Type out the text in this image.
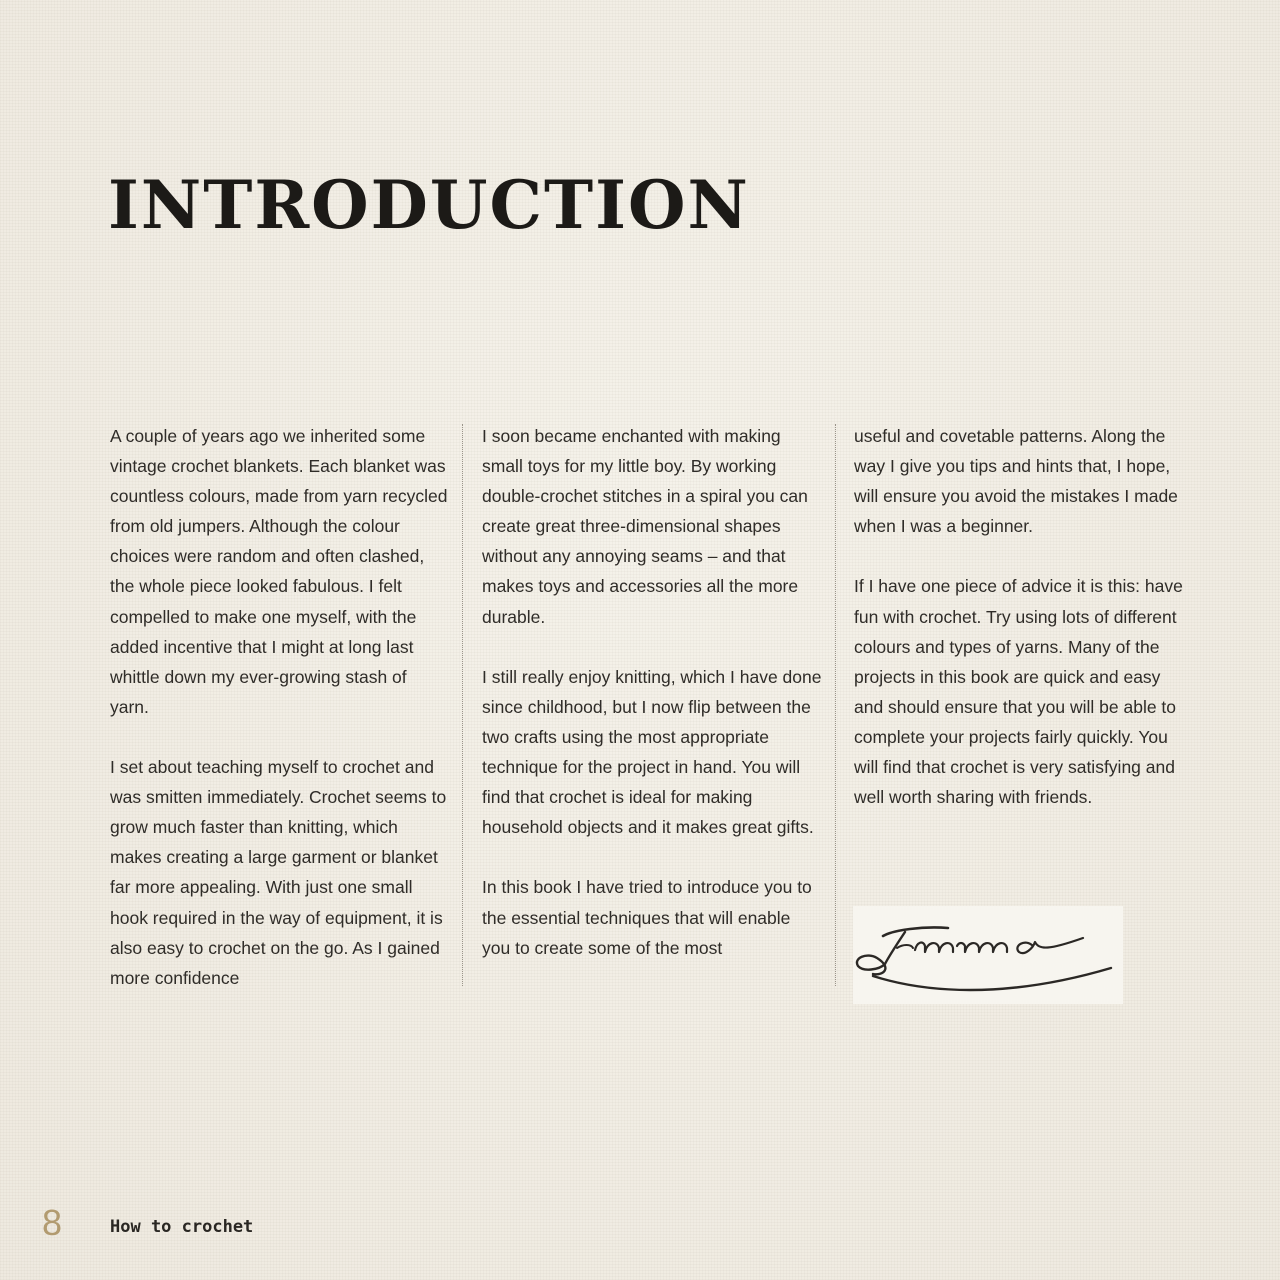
INTRODUCTION

A couple of years ago we inherited some vintage crochet blankets. Each blanket was countless colours, made from yarn recycled from old jumpers. Although the colour choices were random and often clashed, the whole piece looked fabulous. I felt compelled to make one myself, with the added incentive that I might at long last whittle down my ever-growing stash of yarn.

I set about teaching myself to crochet and was smitten immediately. Crochet seems to grow much faster than knitting, which makes creating a large garment or blanket far more appealing. With just one small hook required in the way of equipment, it is also easy to crochet on the go. As I gained more confidence

I soon became enchanted with making small toys for my little boy. By working double-crochet stitches in a spiral you can create great three-dimensional shapes without any annoying seams – and that makes toys and accessories all the more durable.

I still really enjoy knitting, which I have done since childhood, but I now flip between the two crafts using the most appropriate technique for the project in hand. You will find that crochet is ideal for making household objects and it makes great gifts.

In this book I have tried to introduce you to the essential techniques that will enable you to create some of the most

useful and covetable patterns. Along the way I give you tips and hints that, I hope, will ensure you avoid the mistakes I made when I was a beginner.

If I have one piece of advice it is this: have fun with crochet. Try using lots of different colours and types of yarns. Many of the projects in this book are quick and easy and should ensure that you will be able to complete your projects fairly quickly. You will find that crochet is very satisfying and well worth sharing with friends.

8	How to crochet
